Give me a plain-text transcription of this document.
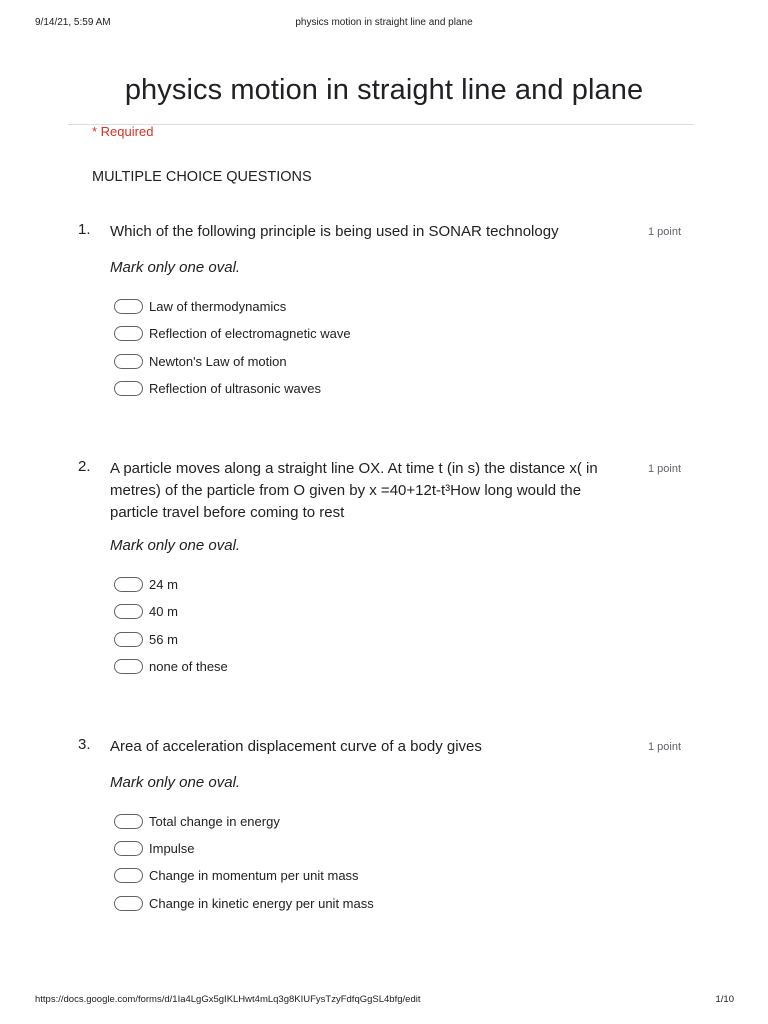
9/14/21, 5:59 AM	physics motion in straight line and plane
physics motion in straight line and plane
* Required
MULTIPLE CHOICE QUESTIONS
1. Which of the following principle is being used in SONAR technology	1 point
Mark only one oval.
Law of thermodynamics
Reflection of electromagnetic wave
Newton's Law of motion
Reflection of ultrasonic waves
2. A particle moves along a straight line OX. At time t (in s) the distance x( in metres) of the particle from O given by x =40+12t-t³How long would the particle travel before coming to rest
1 point
Mark only one oval.
24 m
40 m
56 m
none of these
3. Area of acceleration displacement curve of a body gives	1 point
Mark only one oval.
Total change in energy
Impulse
Change in momentum per unit mass
Change in kinetic energy per unit mass
https://docs.google.com/forms/d/1Ia4LgGx5gIKLHwt4mLq3g8KIUFysTzyFdfqGgSL4bfg/edit	1/10
